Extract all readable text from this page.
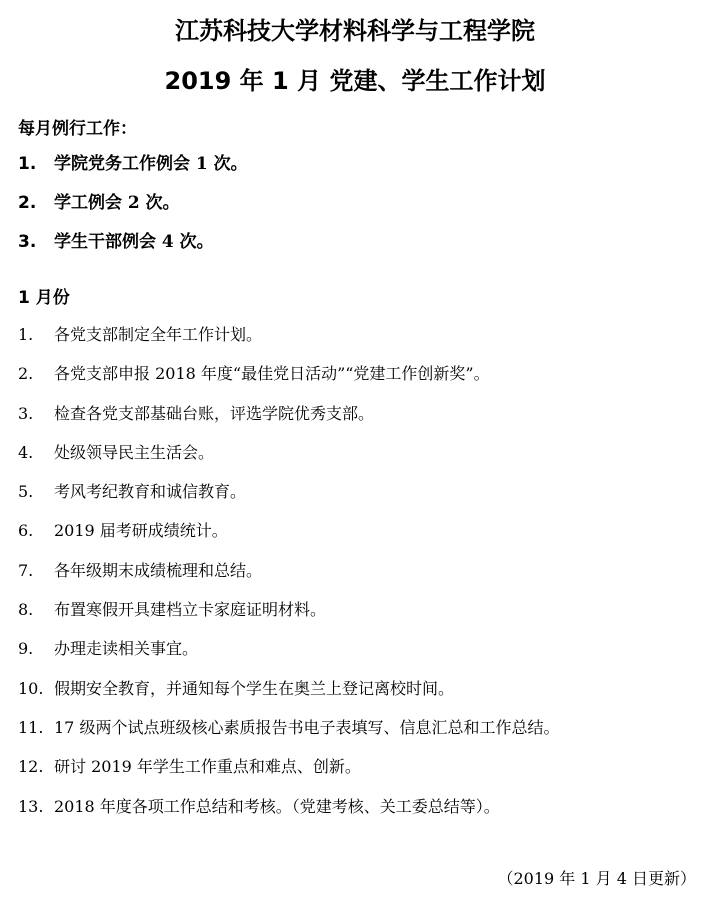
江苏科技大学材料科学与工程学院
2019 年 1 月 党建、学生工作计划
每月例行工作：
1.	学院党务工作例会 1 次。
2.	学工例会 2 次。
3.	学生干部例会 4 次。
1 月份
1.	各党支部制定全年工作计划。
2.	各党支部申报 2018 年度“最佳党日活动”“党建工作创新奖”。
3.	检查各党支部基础台账，评选学院优秀支部。
4.	处级领导民主生活会。
5.	考风考纪教育和诚信教育。
6.	2019 届考研成绩统计。
7.	各年级期末成绩梳理和总结。
8.	布置寒假开具建档立卡家庭证明材料。
9.	办理走读相关事宜。
10. 假期安全教育，并通知每个学生在奥兰上登记离校时间。
11. 17 级两个试点班级核心素质报告书电子表填写、信息汇总和工作总结。
12. 研讨 2019 年学生工作重点和难点、创新。
13. 2018 年度各项工作总结和考核。（党建考核、关工委总结等）。
（2019 年 1 月 4 日更新）
